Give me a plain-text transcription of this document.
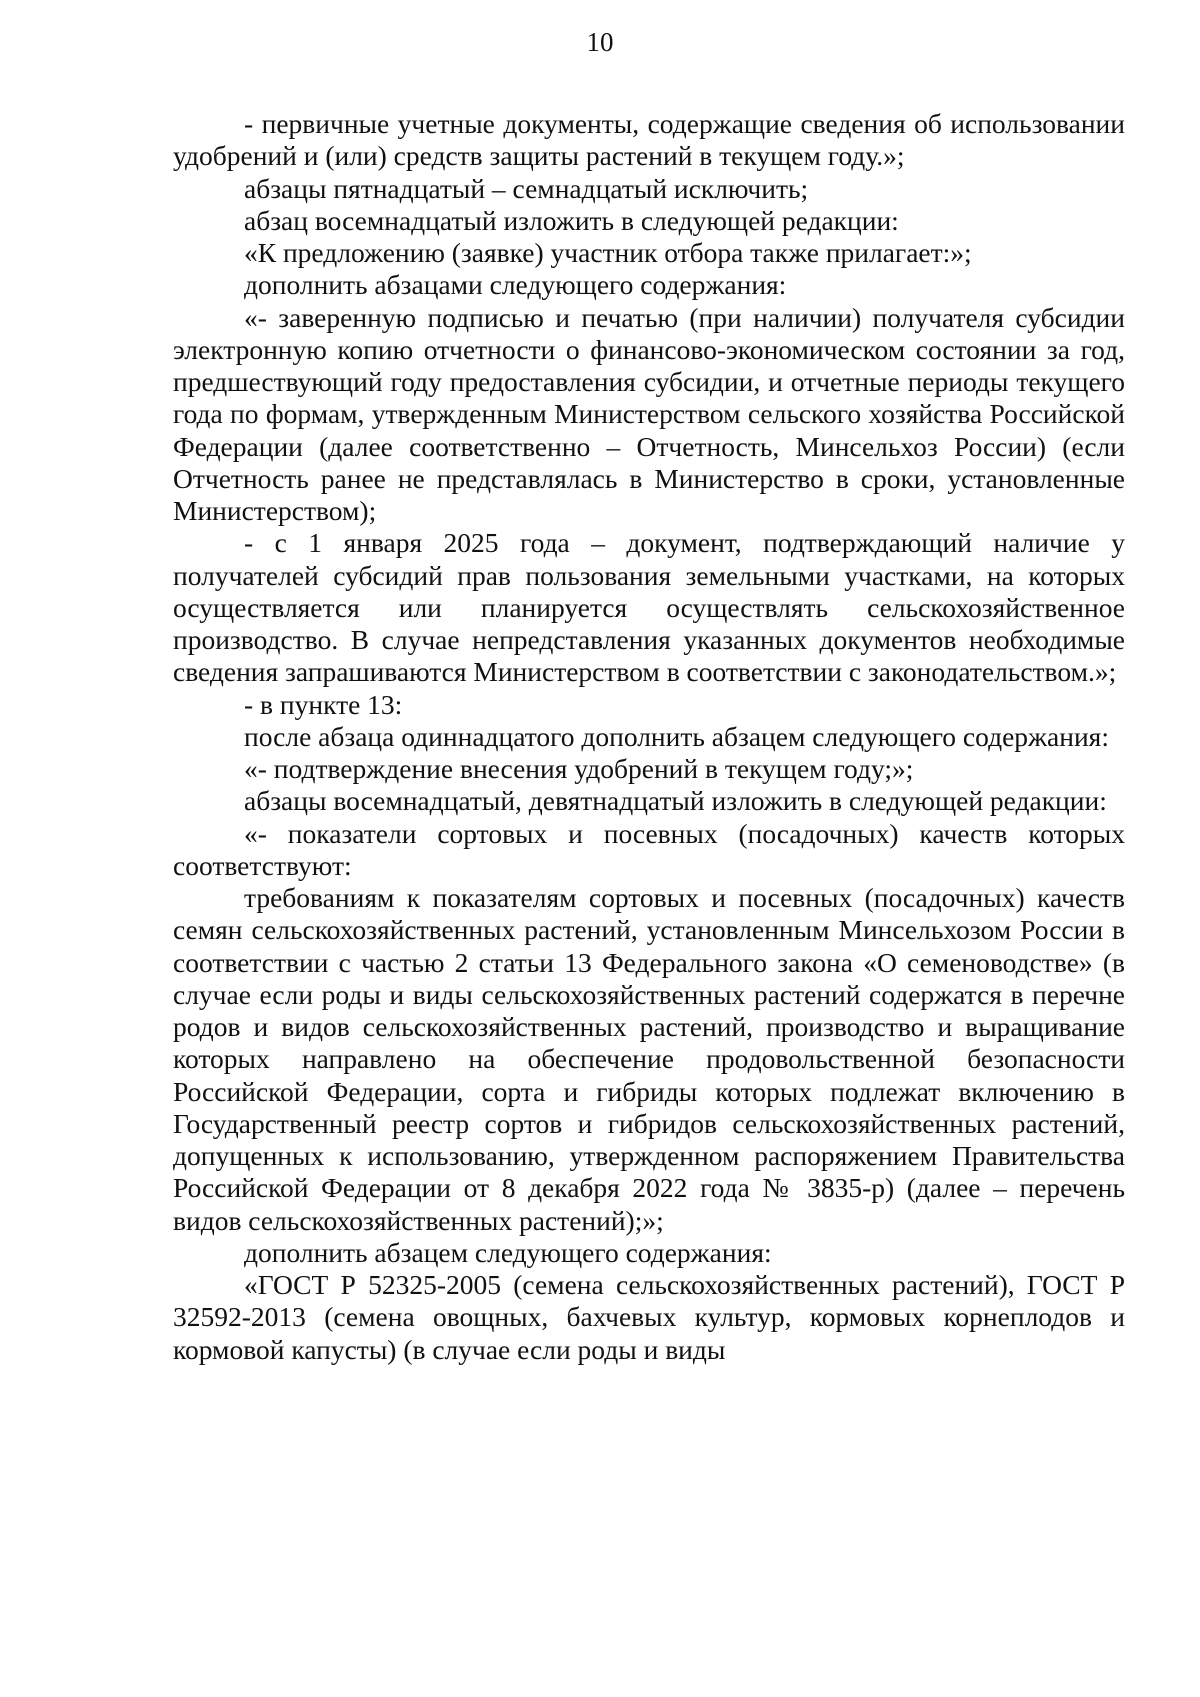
10

- первичные учетные документы, содержащие сведения об использовании удобрений и (или) средств защиты растений в текущем году.»;

абзацы пятнадцатый – семнадцатый исключить;

абзац восемнадцатый изложить в следующей редакции:

«К предложению (заявке) участник отбора также прилагает:»;

дополнить абзацами следующего содержания:

«- заверенную подписью и печатью (при наличии) получателя субсидии электронную копию отчетности о финансово-экономическом состоянии за год, предшествующий году предоставления субсидии, и отчетные периоды текущего года по формам, утвержденным Министерством сельского хозяйства Российской Федерации (далее соответственно – Отчетность, Минсельхоз России) (если Отчетность ранее не представлялась в Министерство в сроки, установленные Министерством);

- с 1 января 2025 года – документ, подтверждающий наличие у получателей субсидий прав пользования земельными участками, на которых осуществляется или планируется осуществлять сельскохозяйственное производство. В случае непредставления указанных документов необходимые сведения запрашиваются Министерством в соответствии с законодательством.»;

- в пункте 13:

после абзаца одиннадцатого дополнить абзацем следующего содержания:

«- подтверждение внесения удобрений в текущем году;»;

абзацы восемнадцатый, девятнадцатый изложить в следующей редакции:

«- показатели сортовых и посевных (посадочных) качеств которых соответствуют:

требованиям к показателям сортовых и посевных (посадочных) качеств семян сельскохозяйственных растений, установленным Минсельхозом России в соответствии с частью 2 статьи 13 Федерального закона «О семеноводстве» (в случае если роды и виды сельскохозяйственных растений содержатся в перечне родов и видов сельскохозяйственных растений, производство и выращивание которых направлено на обеспечение продовольственной безопасности Российской Федерации, сорта и гибриды которых подлежат включению в Государственный реестр сортов и гибридов сельскохозяйственных растений, допущенных к использованию, утвержденном распоряжением Правительства Российской Федерации от 8 декабря 2022 года № 3835-р) (далее – перечень видов сельскохозяйственных растений);»;

дополнить абзацем следующего содержания:

«ГОСТ Р 52325-2005 (семена сельскохозяйственных растений), ГОСТ Р 32592-2013 (семена овощных, бахчевых культур, кормовых корнеплодов и кормовой капусты) (в случае если роды и виды
